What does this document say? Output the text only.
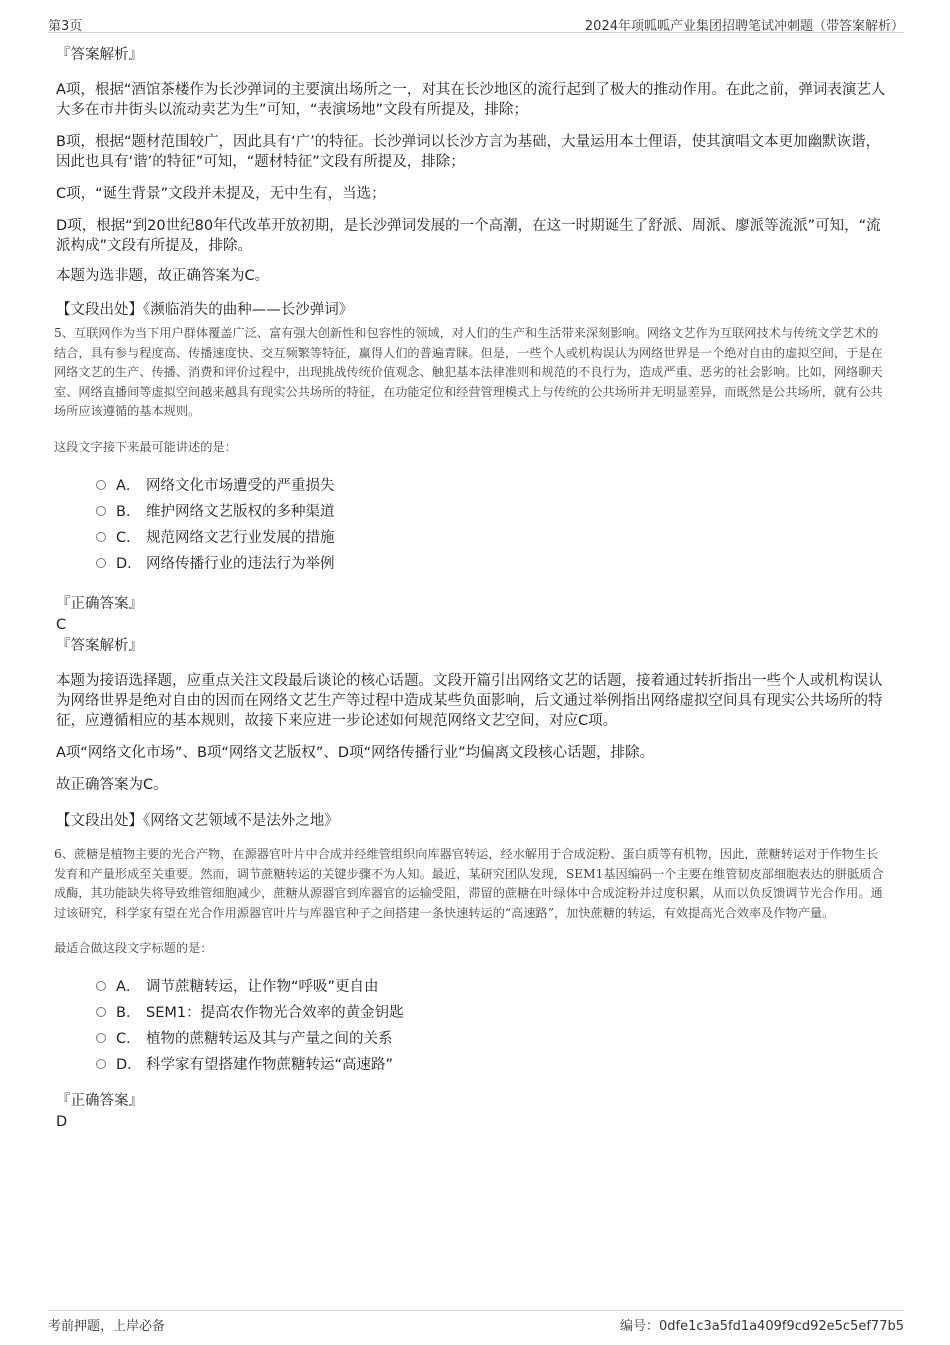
第3页	2024年项呱呱产业集团招聘笔试冲刺题（带答案解析）
『答案解析』

A项，根据“酒馆茶楼作为长沙弹词的主要演出场所之一，对其在长沙地区的流行起到了极大的推动作用。在此之前，弹词表演艺人大多在市井街头以流动卖艺为生”可知，“表演场地”文段有所提及，排除；

B项，根据“题材范围较广，因此具有‘广’的特征。长沙弹词以长沙方言为基础，大量运用本土俚语，使其演唱文本更加幽默诙谐，因此也具有‘谐’的特征”可知，“题材特征”文段有所提及，排除；

C项，“诞生背景”文段并未提及，无中生有，当选；

D项，根据“到20世纪80年代改革开放初期，是长沙弹词发展的一个高潮，在这一时期诞生了舒派、周派、廖派等流派”可知，“流派构成”文段有所提及，排除。

本题为选非题，故正确答案为C。

【文段出处】《濒临消失的曲种——长沙弹词》

5、互联网作为当下用户群体覆盖广泛、富有强大创新性和包容性的领域，对人们的生产和生活带来深刻影响。网络文艺作为互联网技术与传统文学艺术的结合，具有参与程度高、传播速度快、交互频繁等特征，赢得人们的普遍青睐。但是，一些个人或机构误认为网络世界是一个绝对自由的虚拟空间，于是在网络文艺的生产、传播、消费和评价过程中，出现挑战传统价值观念、触犯基本法律准则和规范的不良行为，造成严重、恶劣的社会影响。比如，网络聊天室、网络直播间等虚拟空间越来越具有现实公共场所的特征，在功能定位和经营管理模式上与传统的公共场所并无明显差异，而既然是公共场所，就有公共场所应该遵循的基本规则。

这段文字接下来最可能讲述的是：
A． 网络文化市场遭受的严重损失
B． 维护网络文艺版权的多种渠道
C． 规范网络文艺行业发展的措施
D． 网络传播行业的违法行为举例
『正确答案』
C
『答案解析』

本题为接语选择题，应重点关注文段最后谈论的核心话题。文段开篇引出网络文艺的话题，接着通过转折指出一些个人或机构误认为网络世界是绝对自由的因而在网络文艺生产等过程中造成某些负面影响，后文通过举例指出网络虚拟空间具有现实公共场所的特征，应遵循相应的基本规则，故接下来应进一步论述如何规范网络文艺空间，对应C项。

A项“网络文化市场”、B项“网络文艺版权”、D项“网络传播行业”均偏离文段核心话题，排除。

故正确答案为C。

【文段出处】《网络文艺领域不是法外之地》

6、蔗糖是植物主要的光合产物，在源器官叶片中合成并经维管组织向库器官转运，经水解用于合成淀粉、蛋白质等有机物，因此，蔗糖转运对于作物生长发育和产量形成至关重要。然而，调节蔗糖转运的关键步骤不为人知。最近，某研究团队发现，SEM1基因编码一个主要在维管韧皮部细胞表达的胼胝质合成酶，其功能缺失将导致维管细胞减少，蔗糖从源器官到库器官的运输受阻，滞留的蔗糖在叶绿体中合成淀粉并过度积累，从而以负反馈调节光合作用。通过该研究，科学家有望在光合作用源器官叶片与库器官种子之间搭建一条快速转运的“高速路”，加快蔗糖的转运，有效提高光合效率及作物产量。

最适合做这段文字标题的是：
A． 调节蔗糖转运，让作物“呼吸”更自由
B． SEM1：提高农作物光合效率的黄金钥匙
C． 植物的蔗糖转运及其与产量之间的关系
D． 科学家有望搭建作物蔗糖转运“高速路”
『正确答案』
D
考前押题，上岸必备	编号：0dfe1c3a5fd1a409f9cd92e5c5ef77b5
